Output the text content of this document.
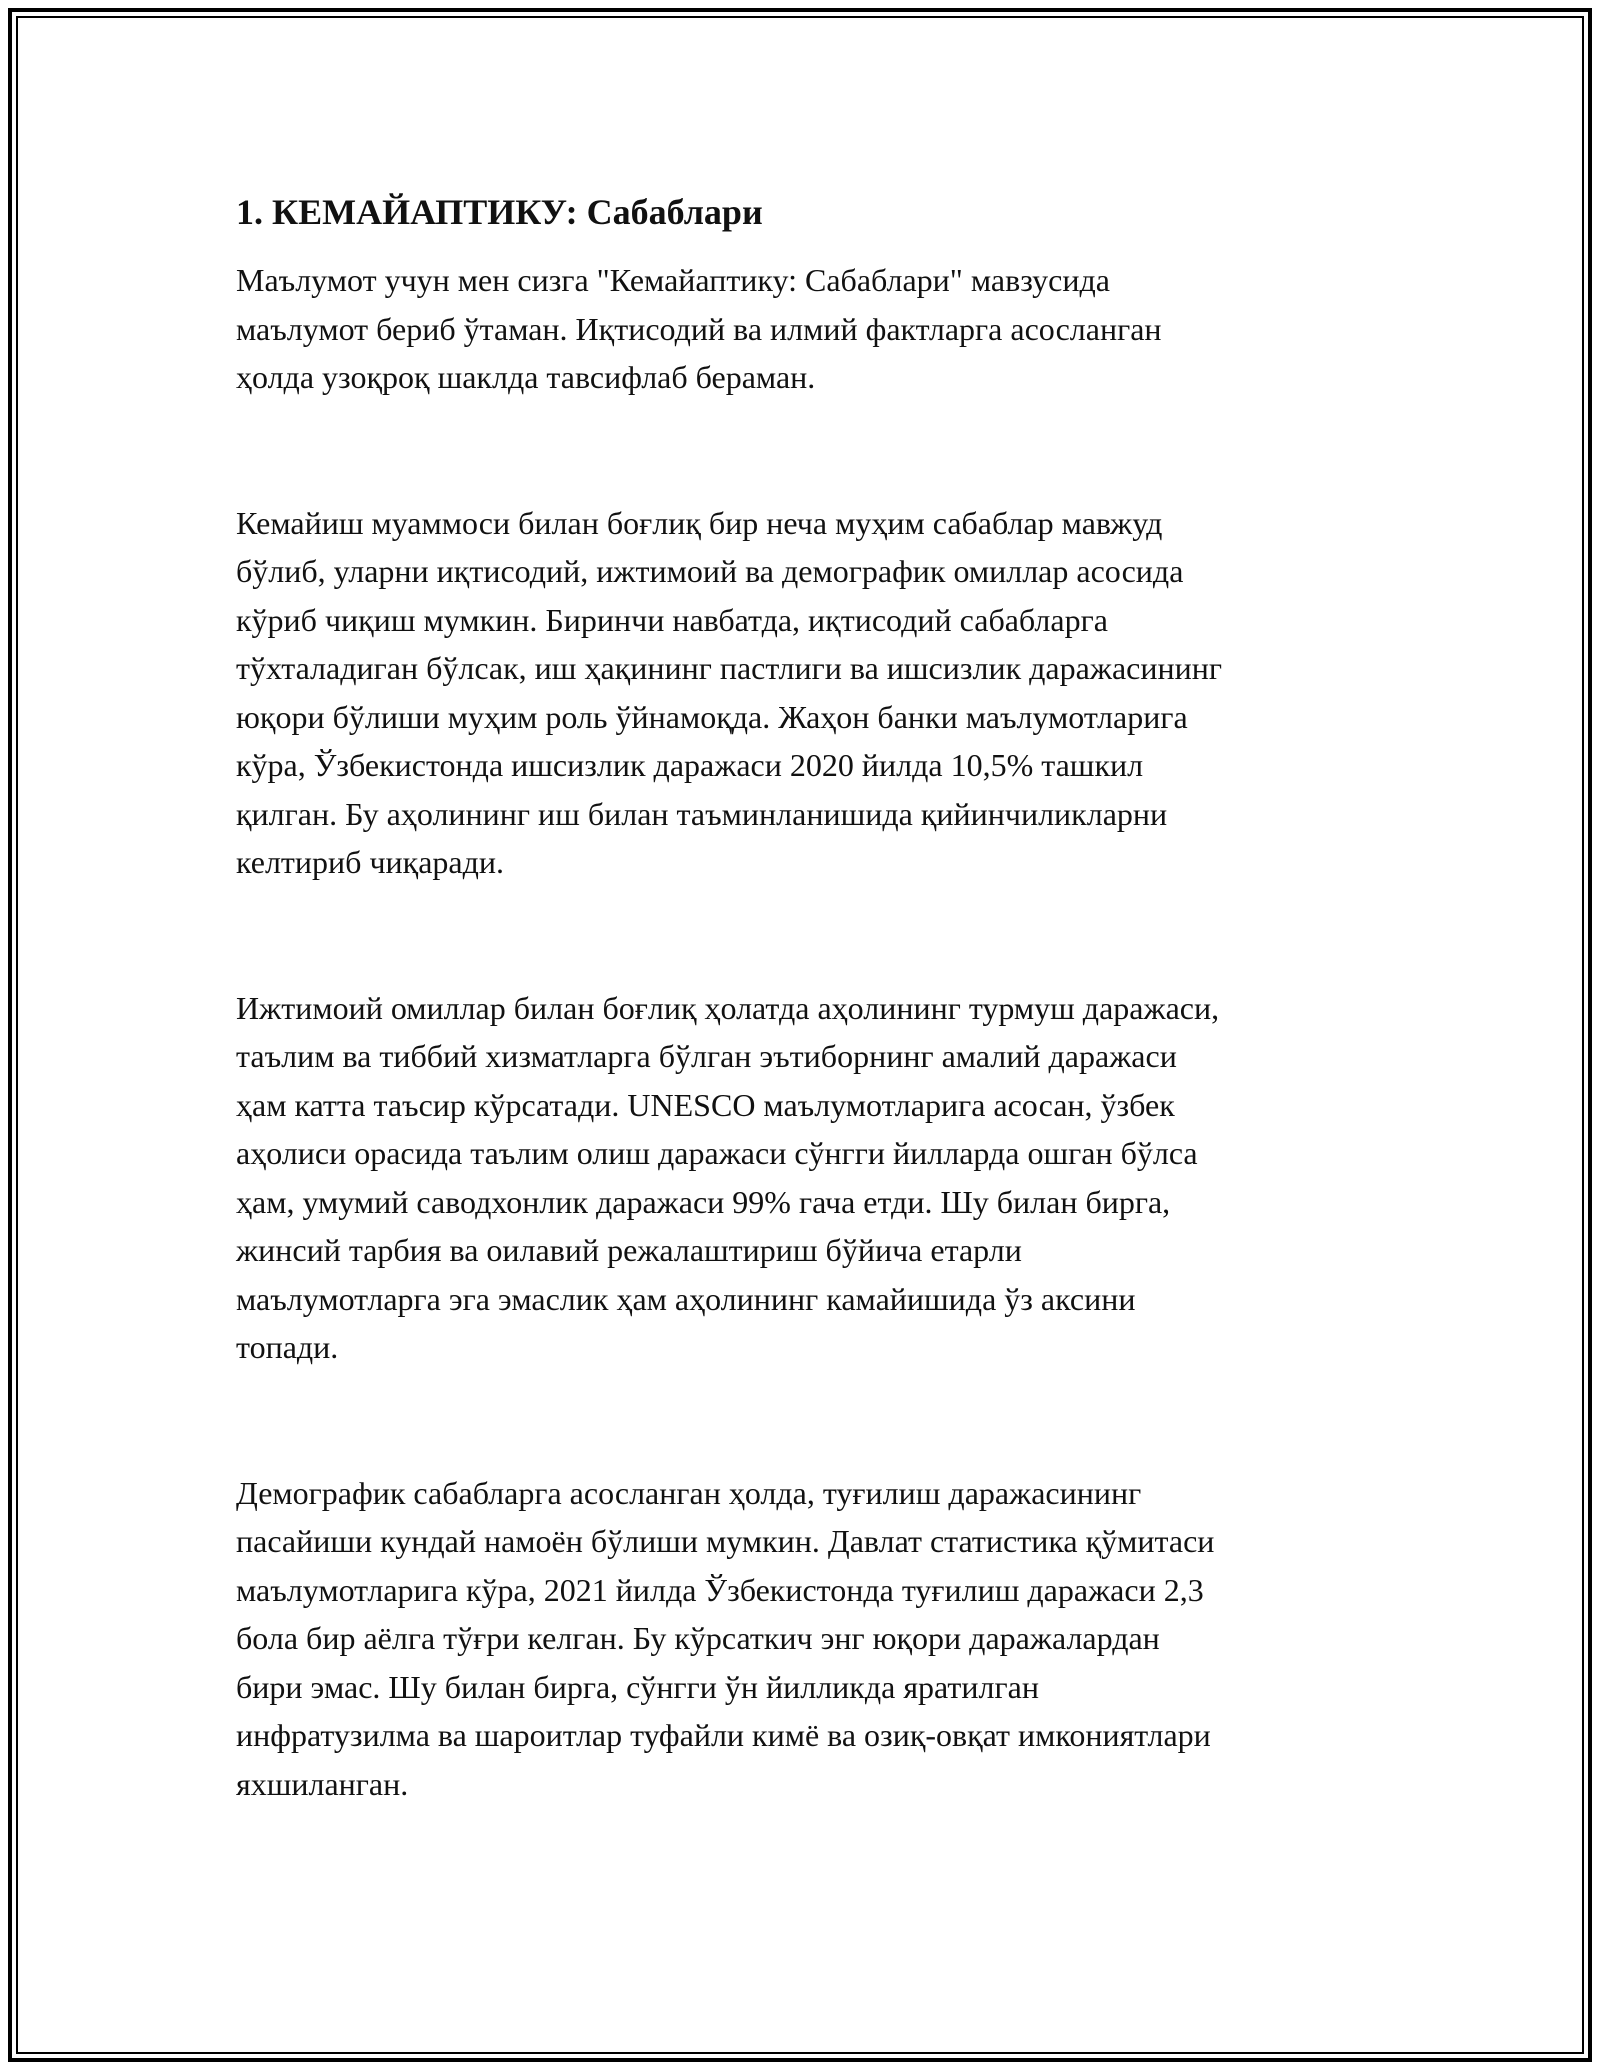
1. КЕМАЙАПТИКУ: Сабаблари

Маълумот учун мен сизга "Кемайаптику: Сабаблари" мавзусида
маълумот бериб ўтаман. Иқтисодий ва илмий фактларга асосланган
ҳолда узоқроқ шаклда тавсифлаб бераман.

Кемайиш муаммоси билан боғлиқ бир неча муҳим сабаблар мавжуд
бўлиб, уларни иқтисодий, ижтимоий ва демографик омиллар асосида
кўриб чиқиш мумкин. Биринчи навбатда, иқтисодий сабабларга
тўхталадиган бўлсак, иш ҳақининг пастлиги ва ишсизлик даражасининг
юқори бўлиши муҳим роль ўйнамоқда. Жаҳон банки маълумотларига
кўра, Ўзбекистонда ишсизлик даражаси 2020 йилда 10,5% ташкил
қилган. Бу аҳолининг иш билан таъминланишида қийинчиликларни
келтириб чиқаради.

Ижтимоий омиллар билан боғлиқ ҳолатда аҳолининг турмуш даражаси,
таълим ва тиббий хизматларга бўлган эътиборнинг амалий даражаси
ҳам катта таъсир кўрсатади. UNESCO маълумотларига асосан, ўзбек
аҳолиси орасида таълим олиш даражаси сўнгги йилларда ошган бўлса
ҳам, умумий саводхонлик даражаси 99% гача етди. Шу билан бирга,
жинсий тарбия ва оилавий режалаштириш бўйича етарли
маълумотларга эга эмаслик ҳам аҳолининг камайишида ўз аксини
топади.

Демографик сабабларга асосланган ҳолда, туғилиш даражасининг
пасайиши кундай намоён бўлиши мумкин. Давлат статистика қўмитаси
маълумотларига кўра, 2021 йилда Ўзбекистонда туғилиш даражаси 2,3
бола бир аёлга тўғри келган. Бу кўрсаткич энг юқори даражалардан
бири эмас. Шу билан бирга, сўнгги ўн йилликда яратилган
инфратузилма ва шароитлар туфайли кимё ва озиқ-овқат имкониятлари
яхшиланган.
